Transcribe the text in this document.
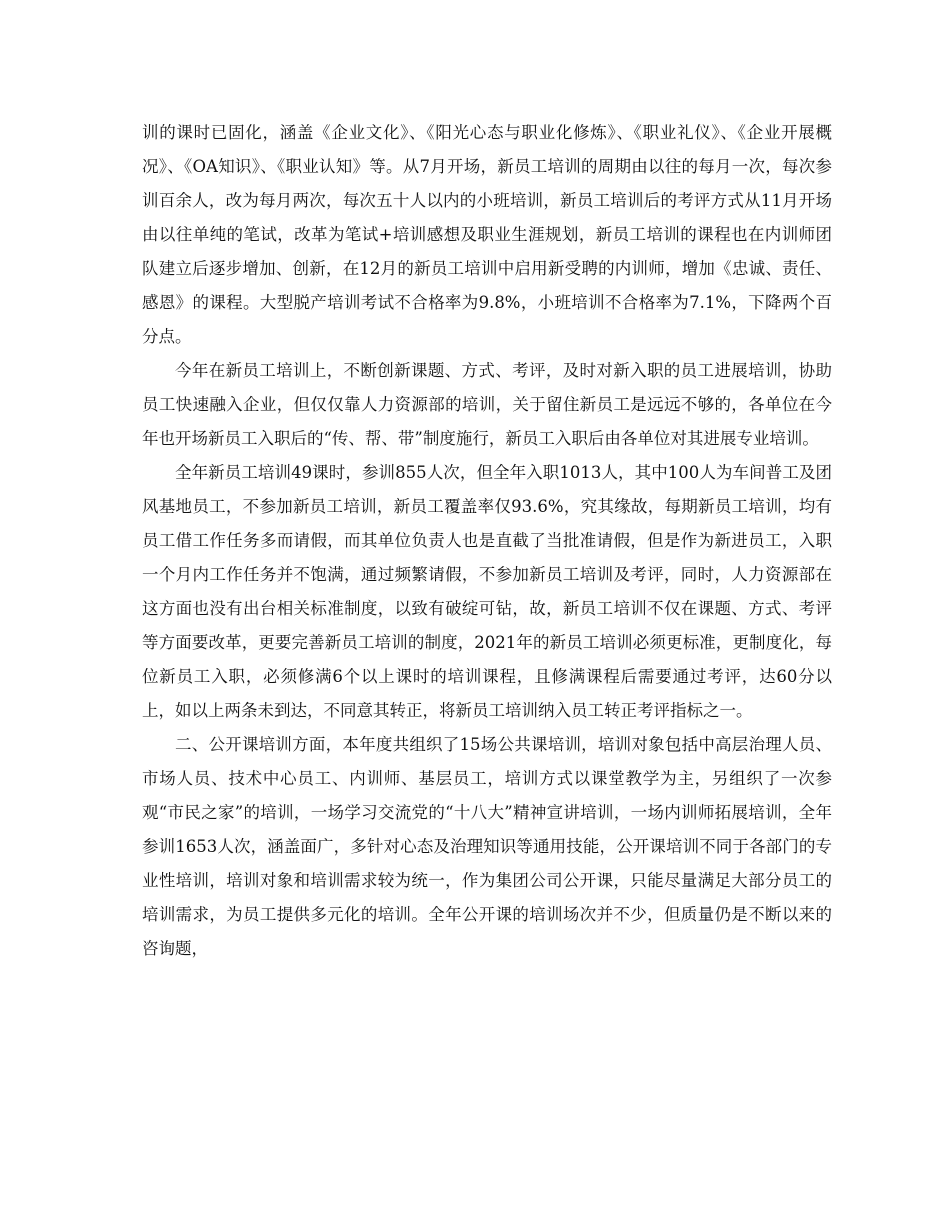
训的课时已固化，涵盖《企业文化》、《阳光心态与职业化修炼》、《职业礼仪》、《企业开展概况》、《OA知识》、《职业认知》等。从7月开场，新员工培训的周期由以往的每月一次，每次参训百余人，改为每月两次，每次五十人以内的小班培训，新员工培训后的考评方式从11月开场由以往单纯的笔试，改革为笔试+培训感想及职业生涯规划，新员工培训的课程也在内训师团队建立后逐步增加、创新，在12月的新员工培训中启用新受聘的内训师，增加《忠诚、责任、感恩》的课程。大型脱产培训考试不合格率为9.8%，小班培训不合格率为7.1%，下降两个百分点。

今年在新员工培训上，不断创新课题、方式、考评，及时对新入职的员工进展培训，协助员工快速融入企业，但仅仅靠人力资源部的培训，关于留住新员工是远远不够的，各单位在今年也开场新员工入职后的“传、帮、带”制度施行，新员工入职后由各单位对其进展专业培训。

全年新员工培训49课时，参训855人次，但全年入职1013人，其中100人为车间普工及团风基地员工，不参加新员工培训，新员工覆盖率仅93.6%，究其缘故，每期新员工培训，均有员工借工作任务多而请假，而其单位负责人也是直截了当批准请假，但是作为新进员工，入职一个月内工作任务并不饱满，通过频繁请假，不参加新员工培训及考评，同时，人力资源部在这方面也没有出台相关标准制度，以致有破绽可钻，故，新员工培训不仅在课题、方式、考评等方面要改革，更要完善新员工培训的制度，2021年的新员工培训必须更标准，更制度化，每位新员工入职，必须修满6个以上课时的培训课程，且修满课程后需要通过考评，达60分以上，如以上两条未到达，不同意其转正，将新员工培训纳入员工转正考评指标之一。

二、公开课培训方面，本年度共组织了15场公共课培训，培训对象包括中高层治理人员、市场人员、技术中心员工、内训师、基层员工，培训方式以课堂教学为主，另组织了一次参观“市民之家”的培训，一场学习交流党的“十八大”精神宣讲培训，一场内训师拓展培训，全年参训1653人次，涵盖面广，多针对心态及治理知识等通用技能，公开课培训不同于各部门的专业性培训，培训对象和培训需求较为统一，作为集团公司公开课，只能尽量满足大部分员工的培训需求，为员工提供多元化的培训。全年公开课的培训场次并不少，但质量仍是不断以来的咨询题，
